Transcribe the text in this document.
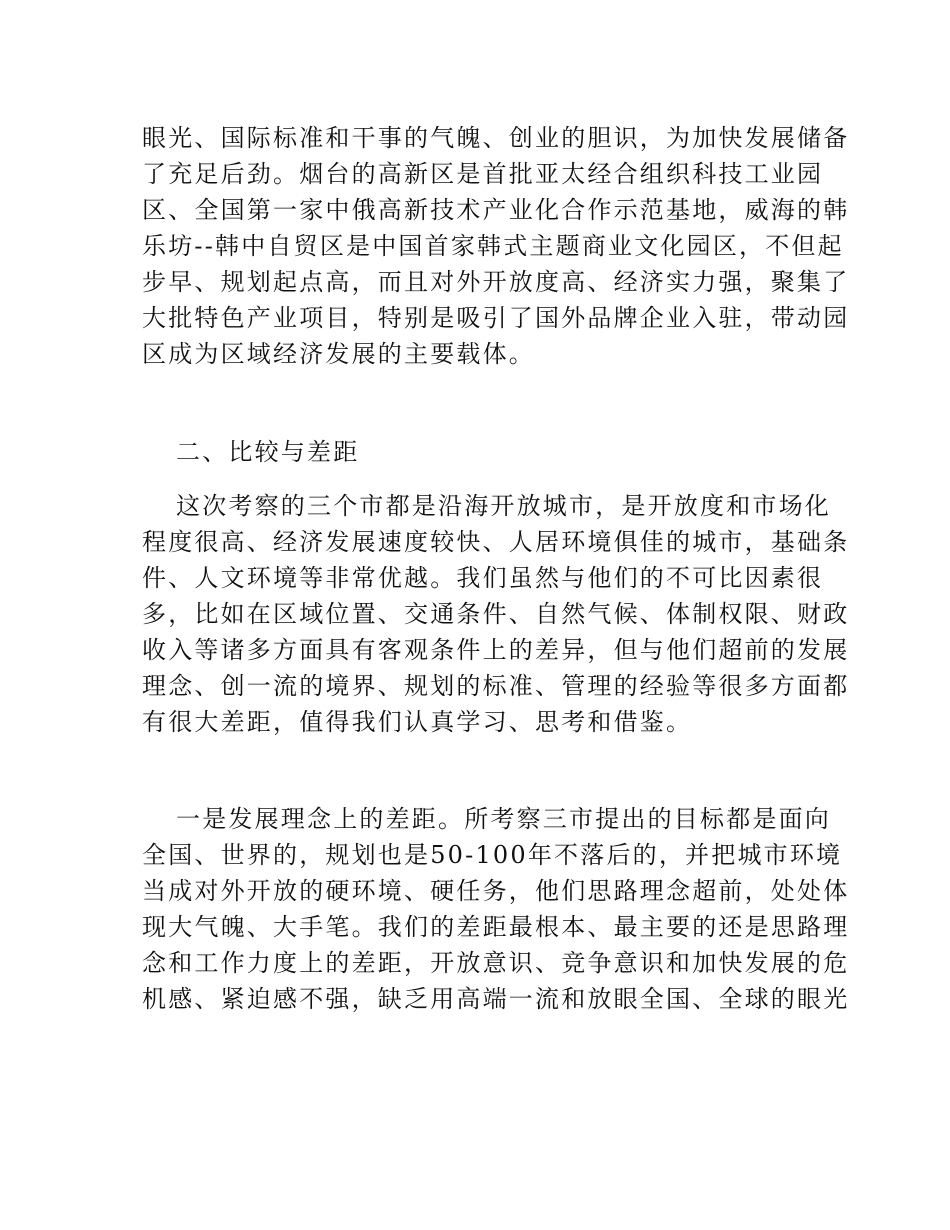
眼光、国际标准和干事的气魄、创业的胆识，为加快发展储备
了充足后劲。烟台的高新区是首批亚太经合组织科技工业园
区、全国第一家中俄高新技术产业化合作示范基地，威海的韩
乐坊--韩中自贸区是中国首家韩式主题商业文化园区，不但起
步早、规划起点高，而且对外开放度高、经济实力强，聚集了
大批特色产业项目，特别是吸引了国外品牌企业入驻，带动园
区成为区域经济发展的主要载体。
二、比较与差距
这次考察的三个市都是沿海开放城市，是开放度和市场化
程度很高、经济发展速度较快、人居环境俱佳的城市，基础条
件、人文环境等非常优越。我们虽然与他们的不可比因素很
多，比如在区域位置、交通条件、自然气候、体制权限、财政
收入等诸多方面具有客观条件上的差异，但与他们超前的发展
理念、创一流的境界、规划的标准、管理的经验等很多方面都
有很大差距，值得我们认真学习、思考和借鉴。
一是发展理念上的差距。所考察三市提出的目标都是面向
全国、世界的，规划也是50-100年不落后的，并把城市环境
当成对外开放的硬环境、硬任务，他们思路理念超前，处处体
现大气魄、大手笔。我们的差距最根本、最主要的还是思路理
念和工作力度上的差距，开放意识、竞争意识和加快发展的危
机感、紧迫感不强，缺乏用高端一流和放眼全国、全球的眼光
